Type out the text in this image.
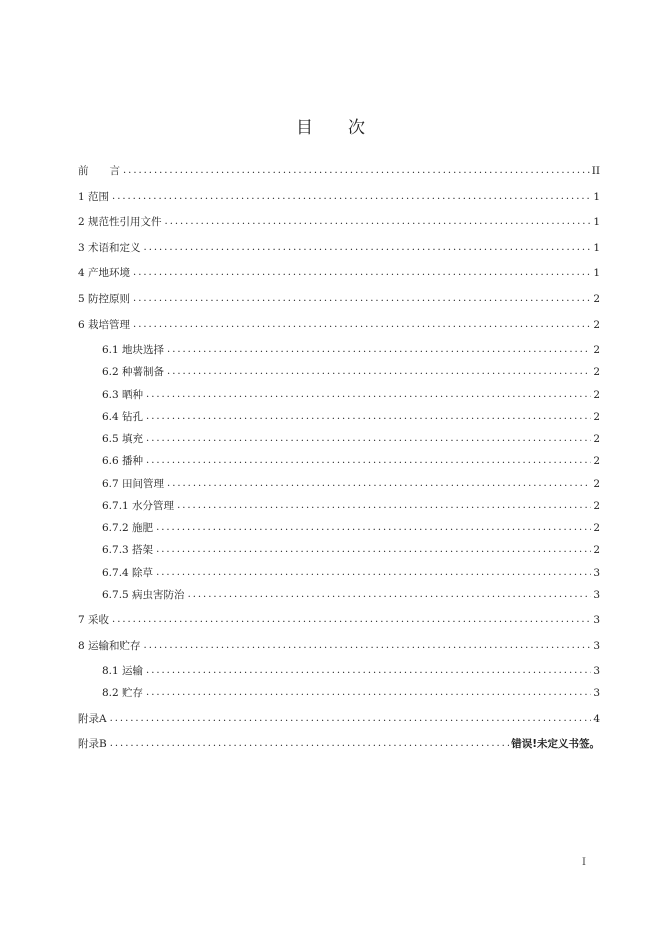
目 次
前　　言 . . .	II
1 范围 . . .	1
2 规范性引用文件 . . .	1
3 术语和定义 . . .	1
4 产地环境 . . .	1
5 防控原则 . . .	2
6 栽培管理 . . .	2
6.1 地块选择 . . .	2
6.2 种薯制备 . . .	2
6.3 晒种 . . .	2
6.4 钻孔 . . .	2
6.5 填充 . . .	2
6.6 播种 . . .	2
6.7 田间管理 . . .	2
6.7.1 水分管理 . . .	2
6.7.2 施肥 . . .	2
6.7.3 搭架 . . .	2
6.7.4 除草 . . .	3
6.7.5 病虫害防治 . . .	3
7 采收 . . .	3
8 运输和贮存 . . .	3
8.1 运输 . . .	3
8.2 贮存 . . .	3
附录A . . .	4
附录B . . .	错误!未定义书签。
I
